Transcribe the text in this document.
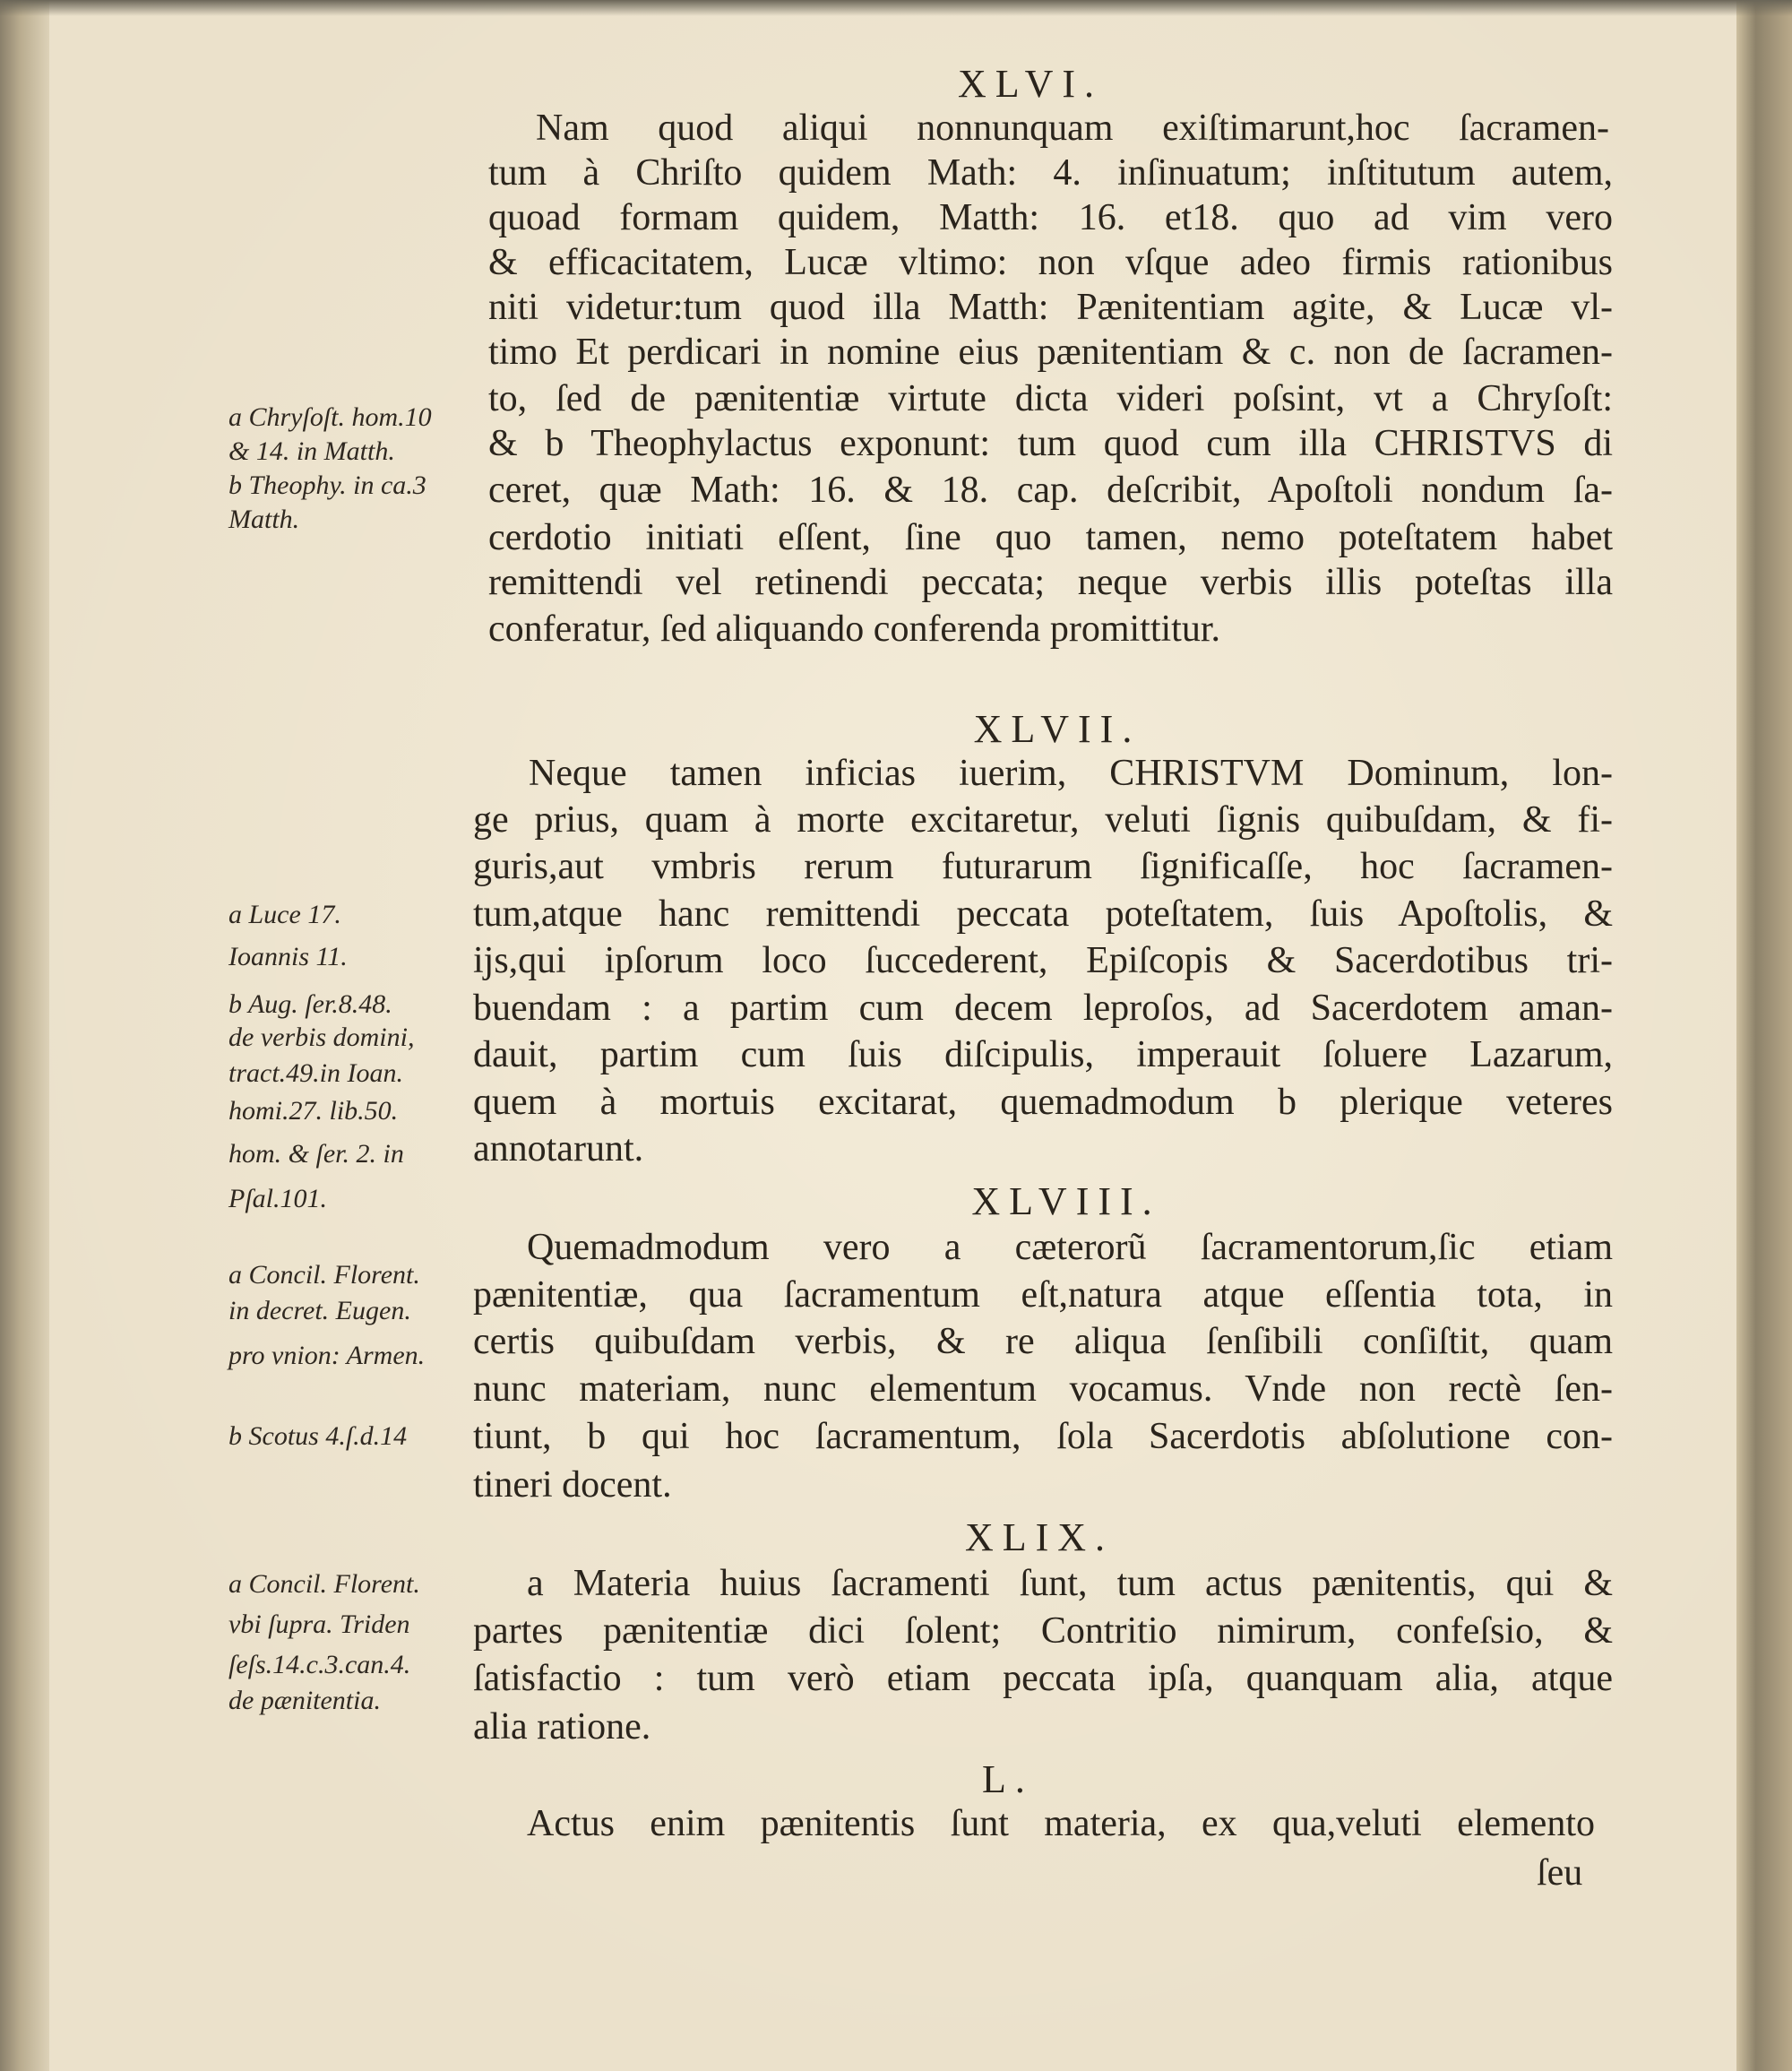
XLVI.
Nam quod aliqui nonnunquam exiſtimarunt,hoc ſacramen-
tum à Chriſto quidem Math: 4. inſinuatum; inſtitutum autem,
quoad formam quidem, Matth: 16. et18. quo ad vim vero
& efficacitatem, Lucæ vltimo: non vſque adeo firmis rationibus
niti videtur:tum quod illa Matth: Pænitentiam agite, & Lucæ vl-
timo Et perdicari in nomine eius pænitentiam & c. non de ſacramen-
to, ſed de pænitentiæ virtute dicta videri poſsint, vt a Chryſoſt:
& b Theophylactus exponunt: tum quod cum illa CHRISTVS di
ceret, quæ Math: 16. & 18. cap. deſcribit, Apoſtoli nondum ſa-
cerdotio initiati eſſent, ſine quo tamen, nemo poteſtatem habet
remittendi vel retinendi peccata; neque verbis illis poteſtas illa
conferatur, ſed aliquando conferenda promittitur.
a Chryſoſt. hom.10
& 14. in Matth.
b Theophy. in ca.3
Matth.
XLVII.
Neque tamen inficias iuerim, CHRISTVM Dominum, lon-
ge prius, quam à morte excitaretur, veluti ſignis quibuſdam, & fi-
guris,aut vmbris rerum futurarum ſignificaſſe, hoc ſacramen-
tum,atque hanc remittendi peccata poteſtatem, ſuis Apoſtolis, &
ijs,qui ipſorum loco ſuccederent, Epiſcopis & Sacerdotibus tri-
buendam : a partim cum decem leproſos, ad Sacerdotem aman-
dauit, partim cum ſuis diſcipulis, imperauit ſoluere Lazarum,
quem à mortuis excitarat, quemadmodum b plerique veteres
annotarunt.
a Luce 17.
Ioannis 11.
b Aug. ſer.8.48.
de verbis domini,
tract.49.in Ioan.
homi.27. lib.50.
hom. & ſer. 2. in
Pſal.101.	XLVIII.
Quemadmodum vero a cæterorũ ſacramentorum,ſic etiam
pænitentiæ, qua ſacramentum eſt,natura atque eſſentia tota, in
certis quibuſdam verbis, & re aliqua ſenſibili conſiſtit, quam
nunc materiam, nunc elementum vocamus. Vnde non rectè ſen-
tiunt, b qui hoc ſacramentum, ſola Sacerdotis abſolutione con-
tineri docent.
a Concil. Florent.
in decret. Eugen.
pro vnion: Armen.
b Scotus 4.ſ.d.14
XLIX.
a Materia huius ſacramenti ſunt, tum actus pænitentis, qui &
partes pænitentiæ dici ſolent; Contritio nimirum, confeſsio, &
ſatisfactio : tum verò etiam peccata ipſa, quanquam alia, atque
alia ratione.
a Concil. Florent.
vbi ſupra. Triden
ſeſs.14.c.3.can.4.
de pænitentia.
L.
Actus enim pænitentis ſunt materia, ex qua,veluti elemento
ſeu
